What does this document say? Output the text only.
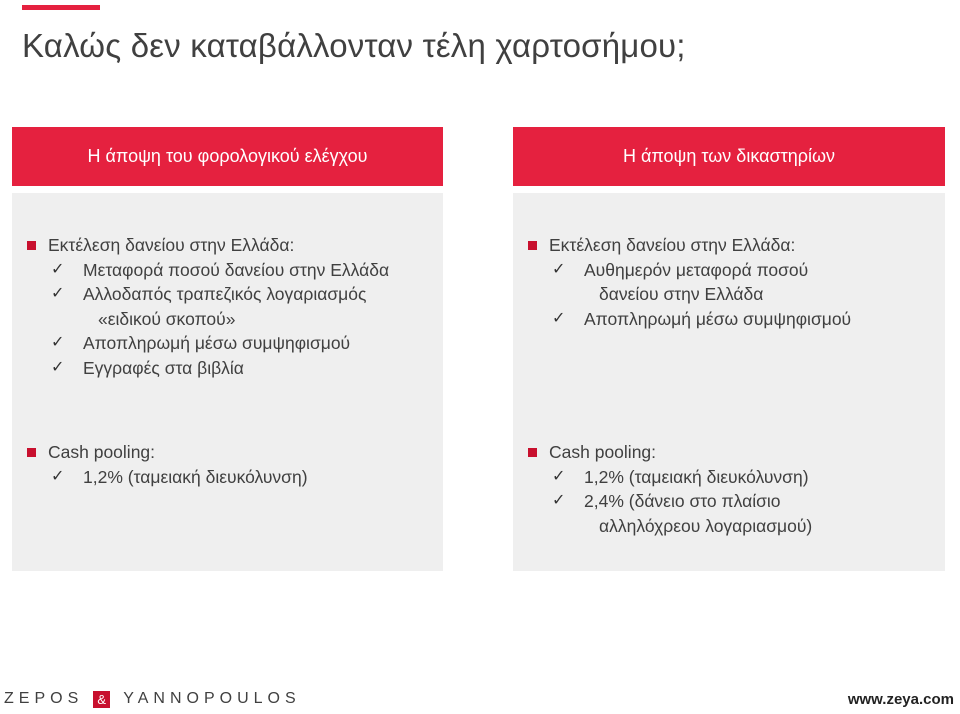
Καλώς δεν καταβάλλονταν τέλη χαρτοσήμου;
Η άποψη του φορολογικού ελέγχου
Εκτέλεση δανείου στην Ελλάδα:
✓ Μεταφορά ποσού δανείου στην Ελλάδα
✓ Αλλοδαπός τραπεζικός λογαριασμός
«ειδικού σκοπού»
✓ Αποπληρωμή μέσω συμψηφισμού
✓ Εγγραφές στα βιβλία
Cash pooling:
✓ 1,2% (ταμειακή διευκόλυνση)
Η άποψη των δικαστηρίων
Εκτέλεση δανείου στην Ελλάδα:
✓ Αυθημερόν μεταφορά ποσού
δανείου στην Ελλάδα
✓ Αποπληρωμή μέσω συμψηφισμού
Cash pooling:
✓ 1,2% (ταμειακή διευκόλυνση)
✓ 2,4% (δάνειο στο πλαίσιο
αλληλόχρεου λογαριασμού)
ZEPOS	& YANNOPOULOS	www.zeya.com
